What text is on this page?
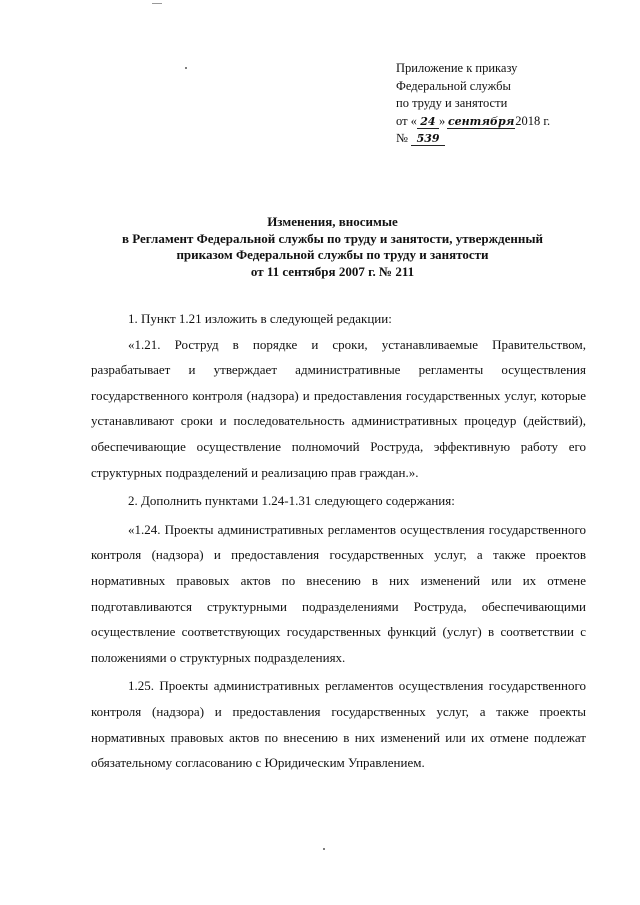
Приложение к приказу
Федеральной службы
по труду и занятости
от « 24 » сентября2018 г.
№ 539
Изменения, вносимые
в Регламент Федеральной службы по труду и занятости, утвержденный
приказом Федеральной службы по труду и занятости
от 11 сентября 2007 г. № 211

1. Пункт 1.21 изложить в следующей редакции:

«1.21. Роструд в порядке и сроки, устанавливаемые Правительством, разрабатывает и утверждает административные регламенты осуществления государственного контроля (надзора) и предоставления государственных услуг, которые устанавливают сроки и последовательность административных процедур (действий), обеспечивающие осуществление полномочий Роструда, эффективную работу его структурных подразделений и реализацию прав граждан.».

2. Дополнить пунктами 1.24-1.31 следующего содержания:

«1.24. Проекты административных регламентов осуществления государственного контроля (надзора) и предоставления государственных услуг, а также проектов нормативных правовых актов по внесению в них изменений или их отмене подготавливаются структурными подразделениями Роструда, обеспечивающими осуществление соответствующих государственных функций (услуг) в соответствии с положениями о структурных подразделениях.

1.25. Проекты административных регламентов осуществления государственного контроля (надзора) и предоставления государственных услуг, а также проекты нормативных правовых актов по внесению в них изменений или их отмене подлежат обязательному согласованию с Юридическим Управлением.
